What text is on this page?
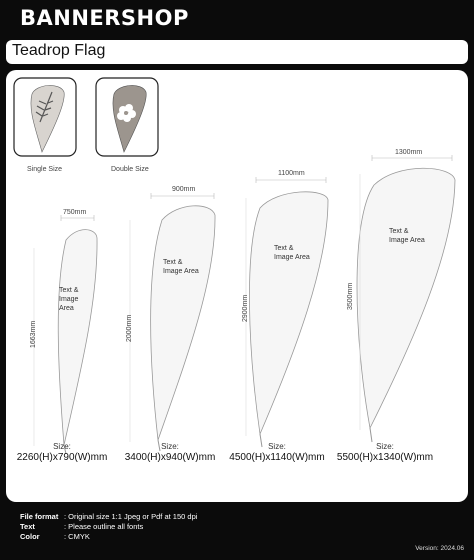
BANNERSHOP
Teadrop Flag
Single Size	Double Size
750mm
1663mm
Text &
Image
Area
Size:
2260(H)x790(W)mm
900mm
2000mm
Text &
Image Area
Size:
3400(H)x940(W)mm
1100mm
2900mm
Text &
Image Area
Size:
4500(H)x1140(W)mm
1300mm
3500mm
Text &
Image Area
Size:
5500(H)x1340(W)mm
File format : Original size 1:1 Jpeg or Pdf at 150 dpi
Text	: Please outline all fonts
Color	: CMYK
Version: 2024.06
